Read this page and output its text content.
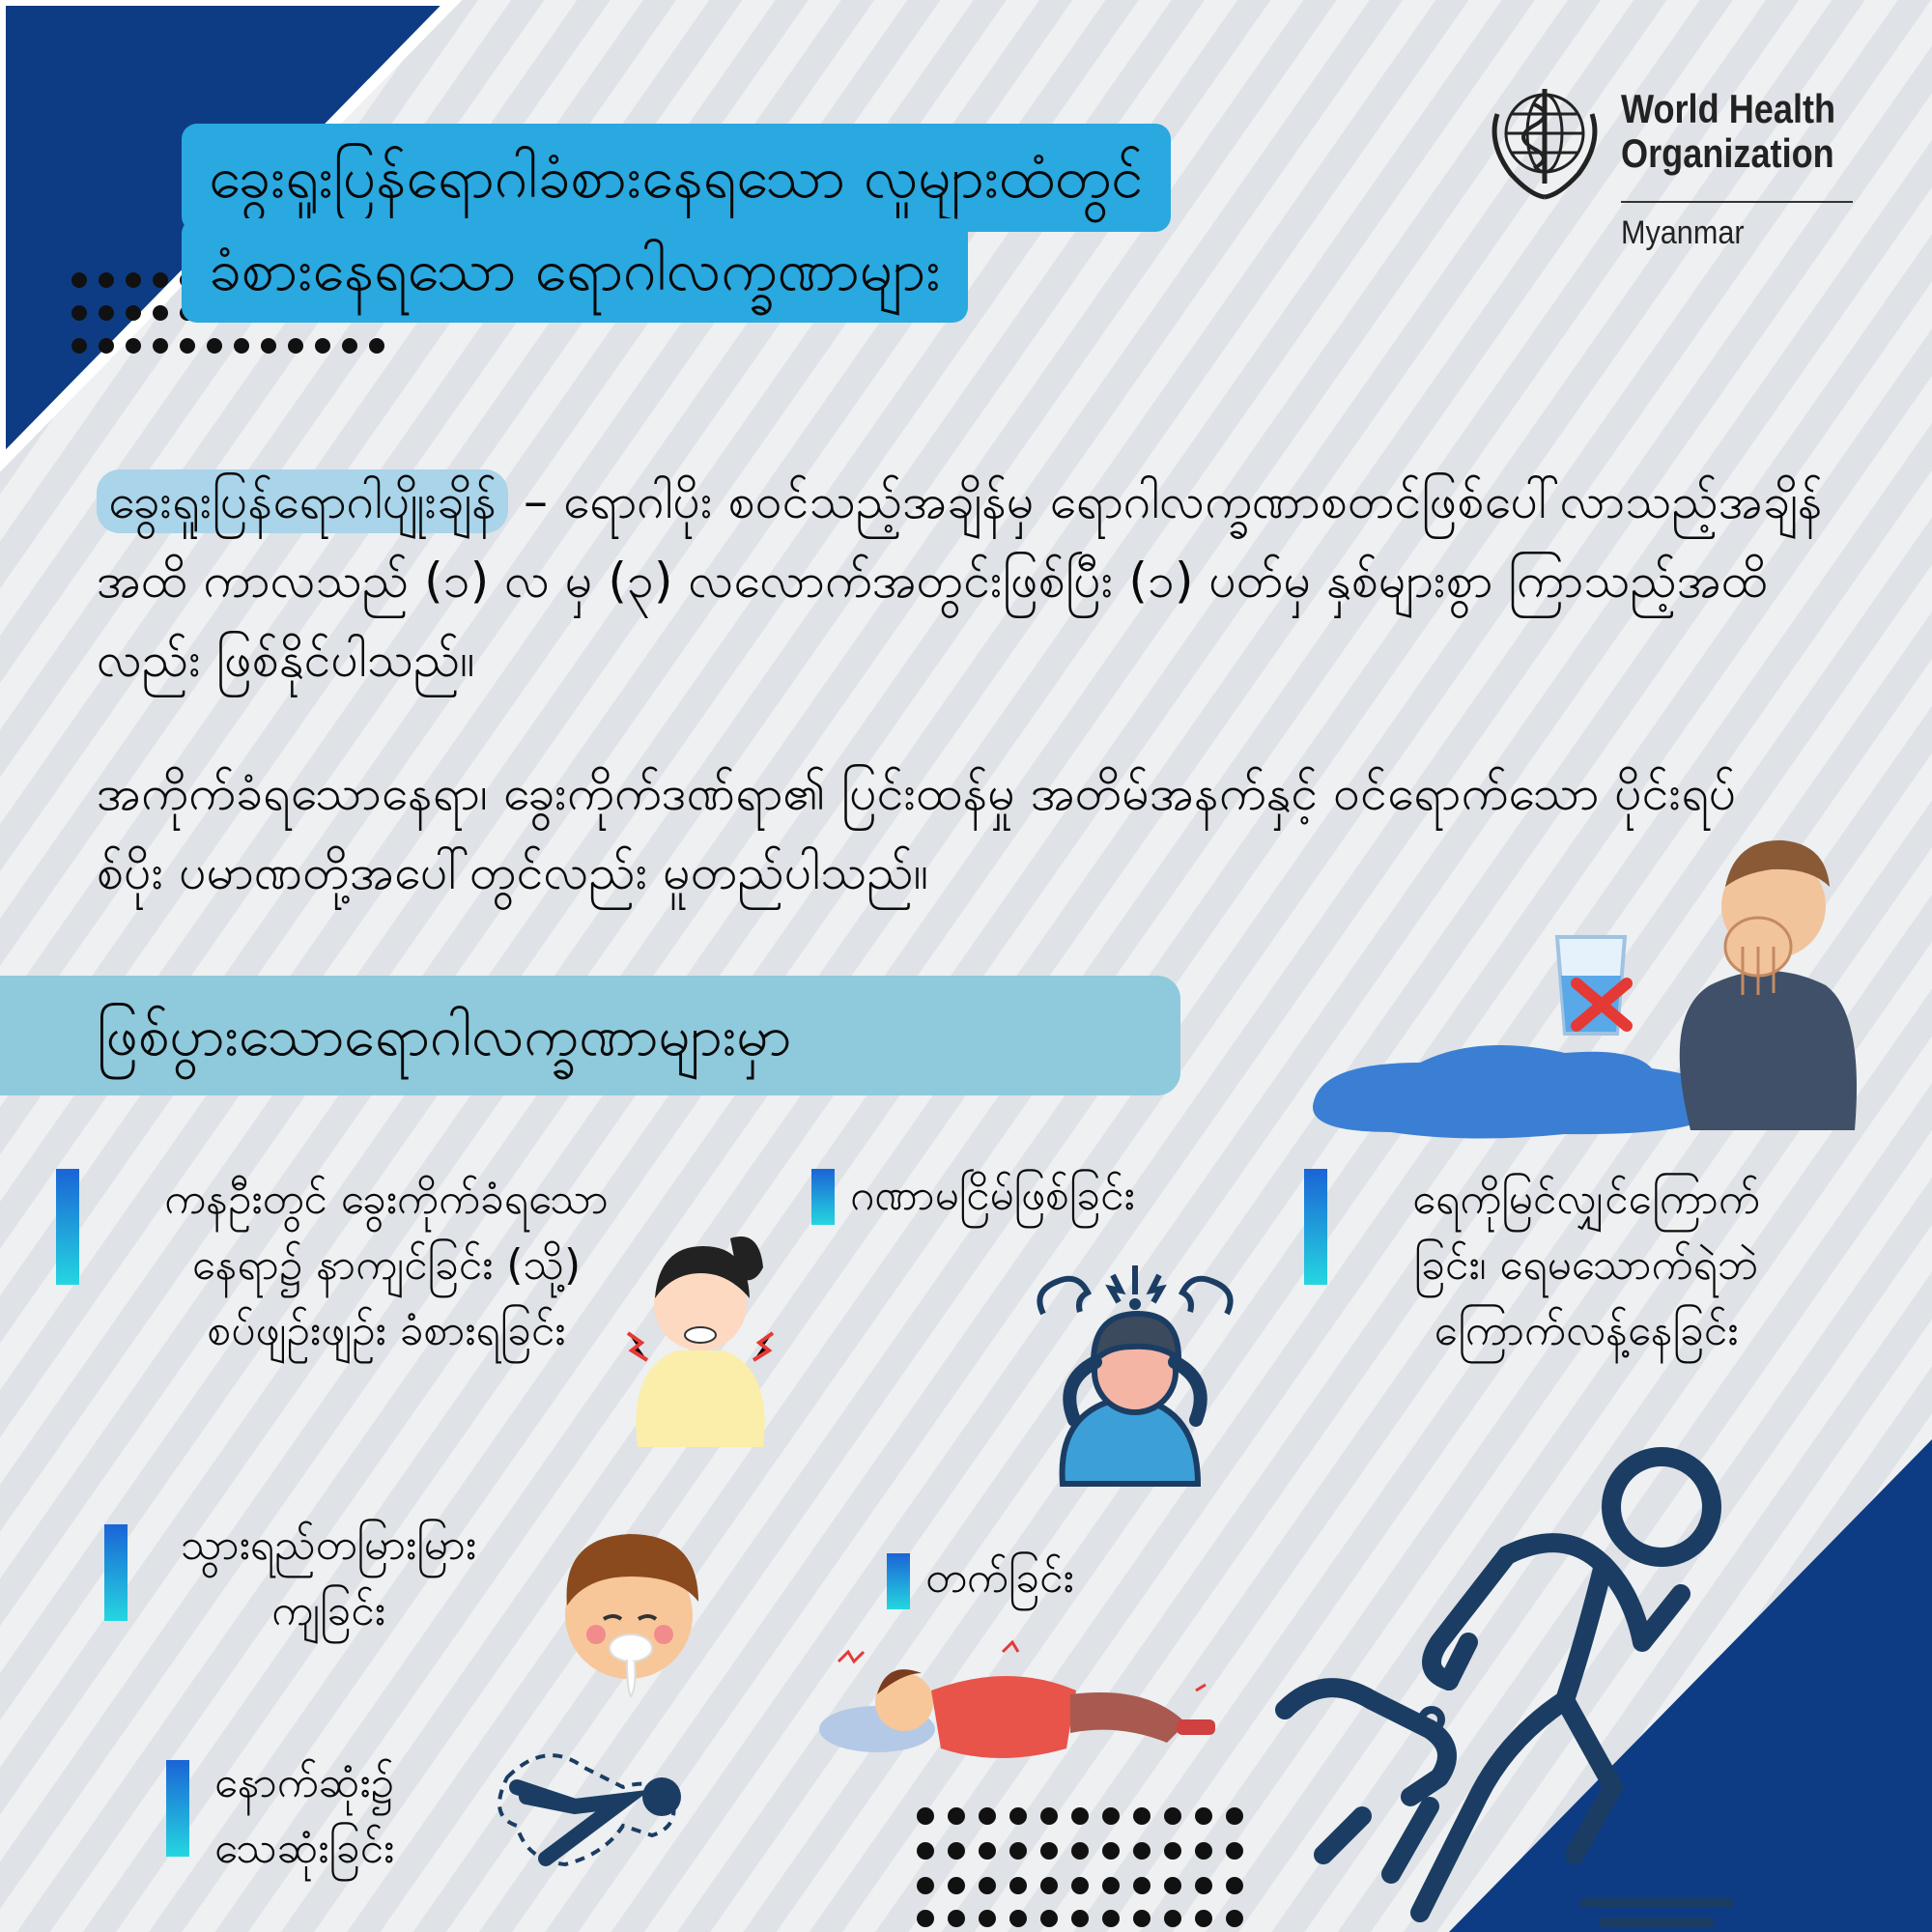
ခွေးရူးပြန်ရောဂါခံစားနေရသော လူများထံတွင်
ခံစားနေရသော ရောဂါလက္ခဏာများ
World Health
Organization
Myanmar
ခွေးရူးပြန်ရောဂါပျိုးချိန် – ရောဂါပိုး စဝင်သည့်အချိန်မှ ရောဂါလက္ခဏာစတင်ဖြစ်ပေါ်လာသည့်အချိန်အထိ ကာလသည် (၁) လ မှ (၃) လလောက်အတွင်းဖြစ်ပြီး (၁) ပတ်မှ နှစ်များစွာ ကြာသည့်အထိလည်း ဖြစ်နိုင်ပါသည်။
အကိုက်ခံရသောနေရာ၊ ခွေးကိုက်ဒဏ်ရာ၏ ပြင်းထန်မှု အတိမ်အနက်နှင့် ဝင်ရောက်သော ပိုင်းရပ်စ်ပိုး ပမာဏတို့အပေါ်တွင်လည်း မူတည်ပါသည်။
ဖြစ်ပွားသောရောဂါလက္ခဏာများမှာ
ကနဦးတွင် ခွေးကိုက်ခံရသော
နေရာ၌ နာကျင်ခြင်း (သို့)
စပ်ဖျဉ်းဖျဉ်း ခံစားရခြင်း
ဂဏာမငြိမ်ဖြစ်ခြင်း	ရေကိုမြင်လျှင်ကြောက်
ခြင်း၊ ရေမသောက်ရဲဘဲ
ကြောက်လန့်နေခြင်း
သွားရည်တမြားမြား
ကျခြင်း
တက်ခြင်း
နောက်ဆုံး၌
သေဆုံးခြင်း
